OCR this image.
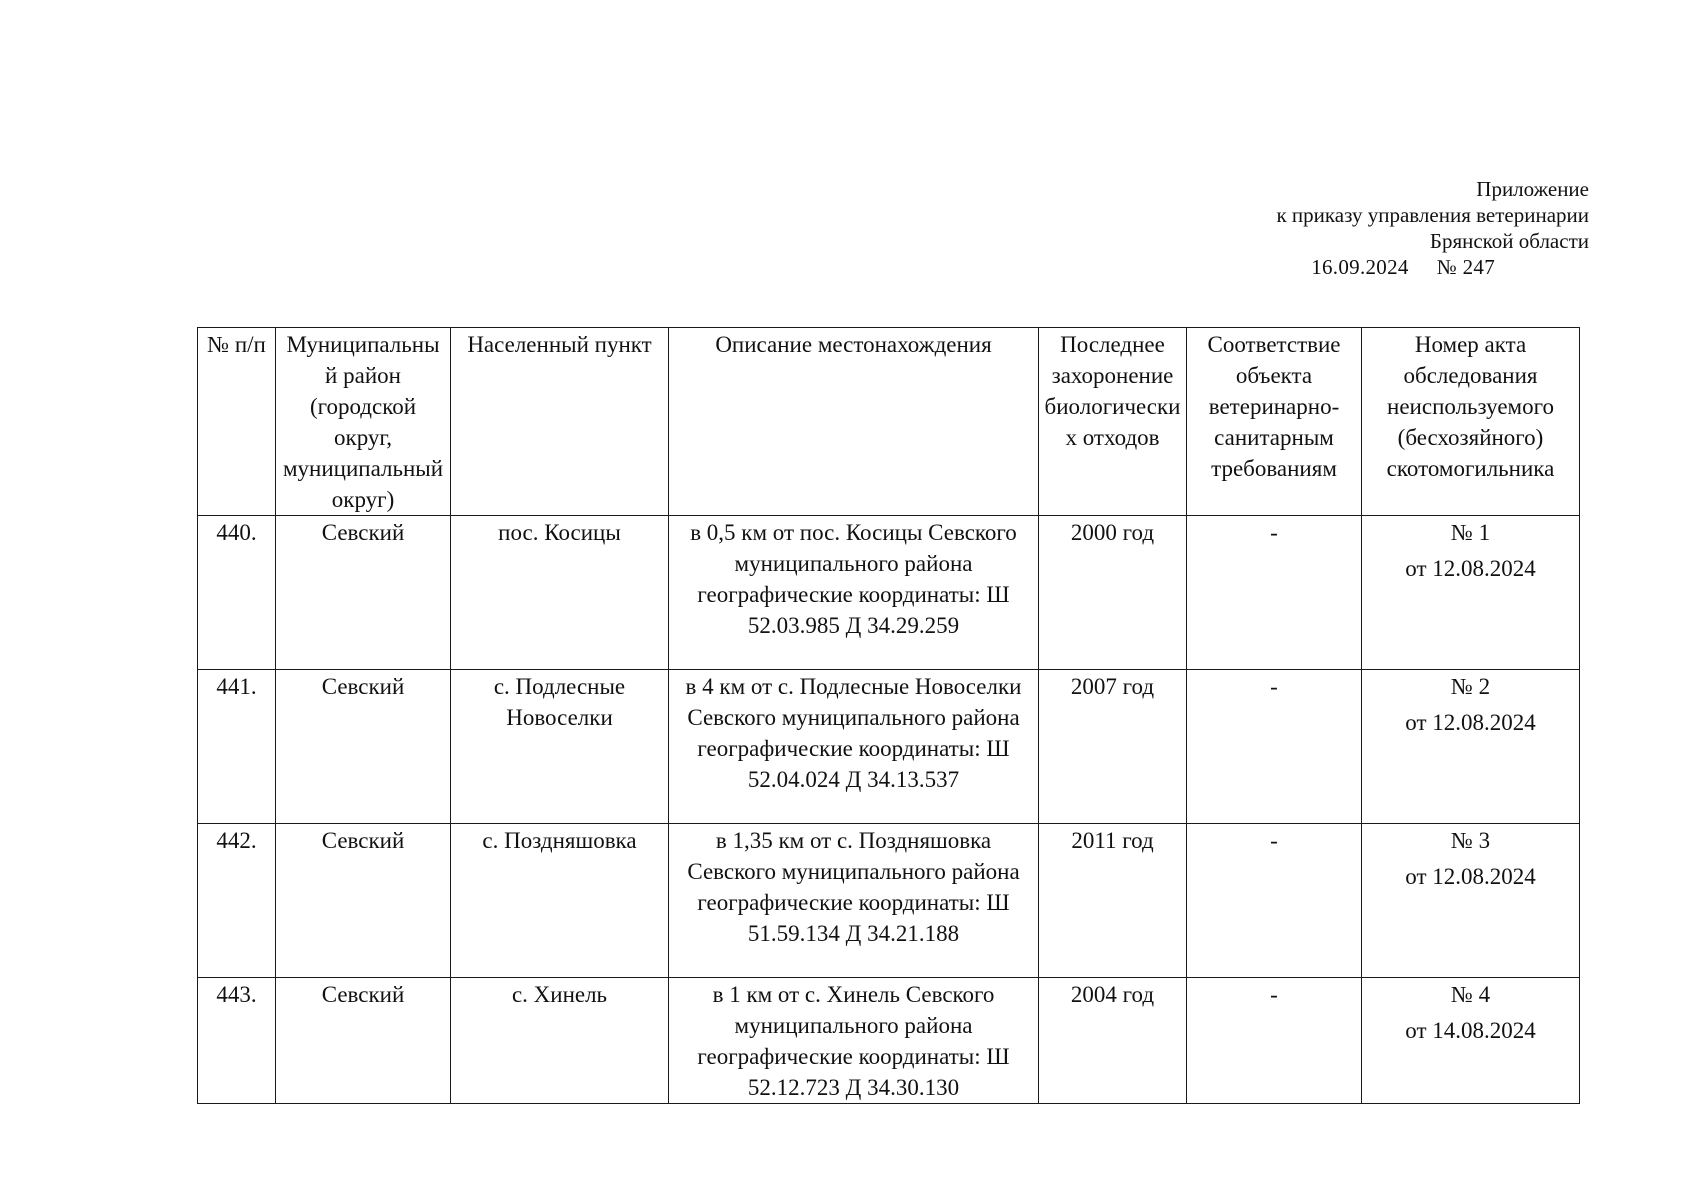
Приложение
к приказу управления ветеринарии
Брянской области
16.09.2024 № 247
№ п/п	Муниципальный район (городской округ, муниципальный округ)	Населенный пункт	Описание местонахождения	Последнее захоронение биологических отходов	Соответствие объекта ветеринарно-санитарным требованиям	Номер акта обследования неиспользуемого (бесхозяйного) скотомогильника
440.	Севский	пос. Косицы	в 0,5 км от пос. Косицы Севского муниципального района географические координаты: Ш 52.03.985 Д 34.29.259	2000 год	-	№ 1
от 12.08.2024

441.	Севский	с. Подлесные Новоселки	в 4 км от с. Подлесные Новоселки Севского муниципального района географические координаты: Ш 52.04.024 Д 34.13.537	2007 год	-	№ 2
от 12.08.2024

442.	Севский	с. Поздняшовка	в 1,35 км от с. Поздняшовка Севского муниципального района географические координаты: Ш 51.59.134 Д 34.21.188	2011 год	-	№ 3
от 12.08.2024

443.	Севский	с. Хинель	в 1 км от с. Хинель Севского муниципального района географические координаты: Ш 52.12.723 Д 34.30.130	2004 год	-	№ 4
от 14.08.2024
